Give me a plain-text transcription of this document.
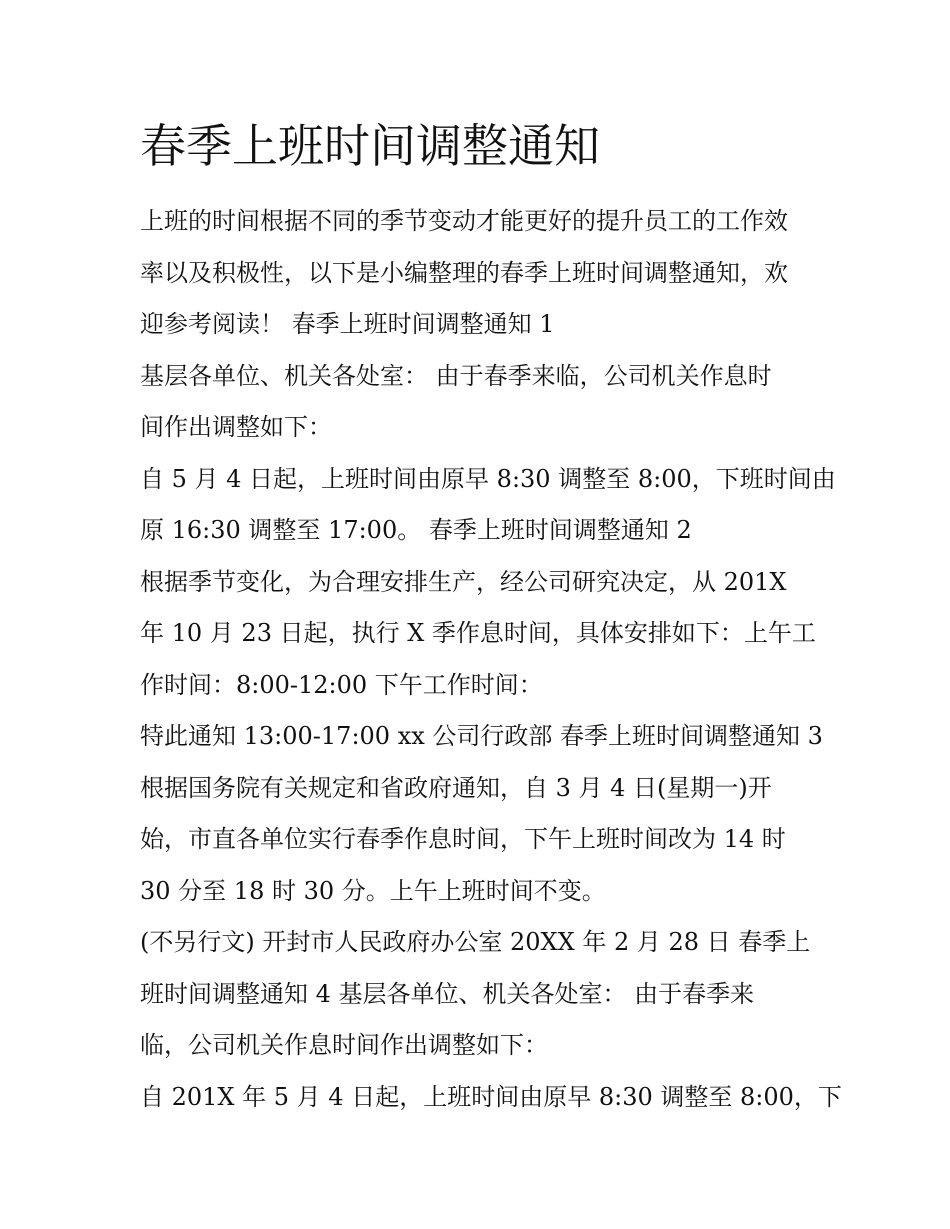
春季上班时间调整通知

上班的时间根据不同的季节变动才能更好的提升员工的工作效

率以及积极性，以下是小编整理的春季上班时间调整通知，欢

迎参考阅读！ 春季上班时间调整通知 1

基层各单位、机关各处室： 由于春季来临，公司机关作息时

间作出调整如下：

自 5 月 4 日起，上班时间由原早 8:30 调整至 8:00，下班时间由

原 16:30 调整至 17:00。 春季上班时间调整通知 2

根据季节变化，为合理安排生产，经公司研究决定，从 201X

年 10 月 23 日起，执行 X 季作息时间，具体安排如下：上午工

作时间：8:00-12:00 下午工作时间：

特此通知 13:00-17:00 xx 公司行政部 春季上班时间调整通知 3

根据国务院有关规定和省政府通知，自 3 月 4 日(星期一)开

始，市直各单位实行春季作息时间，下午上班时间改为 14 时

30 分至 18 时 30 分。上午上班时间不变。

(不另行文) 开封市人民政府办公室 20XX 年 2 月 28 日 春季上

班时间调整通知 4 基层各单位、机关各处室： 由于春季来

临，公司机关作息时间作出调整如下：

自 201X 年 5 月 4 日起，上班时间由原早 8:30 调整至 8:00，下
